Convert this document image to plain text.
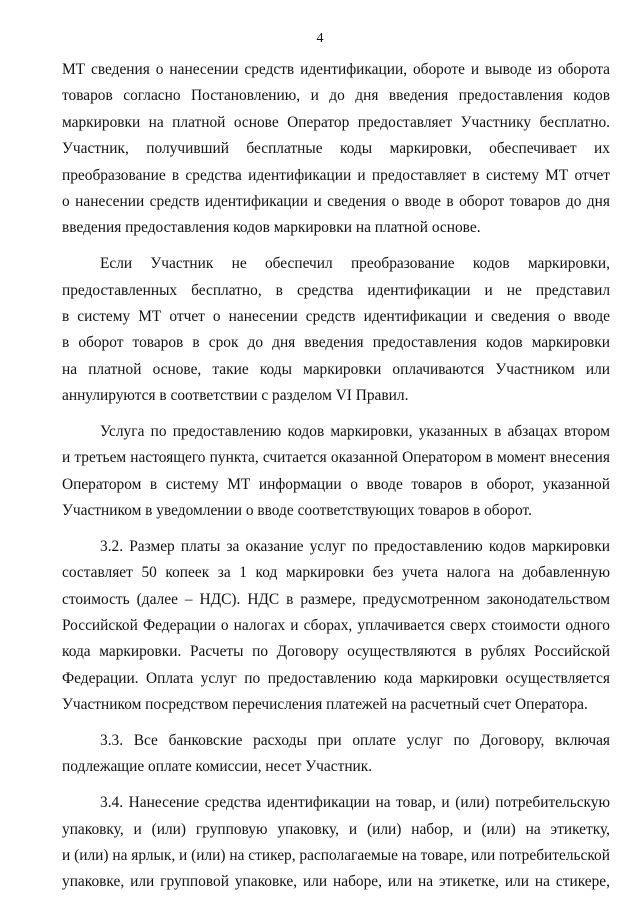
4
МТ сведения о нанесении средств идентификации, обороте и выводе из оборота
товаров согласно Постановлению, и до дня введения предоставления кодов
маркировки на платной основе Оператор предоставляет Участнику бесплатно.
Участник, получивший бесплатные коды маркировки, обеспечивает их
преобразование в средства идентификации и предоставляет в систему МТ отчет
о нанесении средств идентификации и сведения о вводе в оборот товаров до дня
введения предоставления кодов маркировки на платной основе.
Если Участник не обеспечил преобразование кодов маркировки,
предоставленных бесплатно, в средства идентификации и не представил
в систему МТ отчет о нанесении средств идентификации и сведения о вводе
в оборот товаров в срок до дня введения предоставления кодов маркировки
на платной основе, такие коды маркировки оплачиваются Участником или
аннулируются в соответствии с разделом VI Правил.
Услуга по предоставлению кодов маркировки, указанных в абзацах втором
и третьем настоящего пункта, считается оказанной Оператором в момент внесения
Оператором в систему МТ информации о вводе товаров в оборот, указанной
Участником в уведомлении о вводе соответствующих товаров в оборот.
3.2. Размер платы за оказание услуг по предоставлению кодов маркировки
составляет 50 копеек за 1 код маркировки без учета налога на добавленную
стоимость (далее – НДС). НДС в размере, предусмотренном законодательством
Российской Федерации о налогах и сборах, уплачивается сверх стоимости одного
кода маркировки. Расчеты по Договору осуществляются в рублях Российской
Федерации. Оплата услуг по предоставлению кода маркировки осуществляется
Участником посредством перечисления платежей на расчетный счет Оператора.
3.3. Все банковские расходы при оплате услуг по Договору, включая
подлежащие оплате комиссии, несет Участник.
3.4. Нанесение средства идентификации на товар, и (или) потребительскую
упаковку, и (или) групповую упаковку, и (или) набор, и (или) на этикетку,
и (или) на ярлык, и (или) на стикер, располагаемые на товаре, или потребительской
упаковке, или групповой упаковке, или наборе, или на этикетке, или на стикере,
